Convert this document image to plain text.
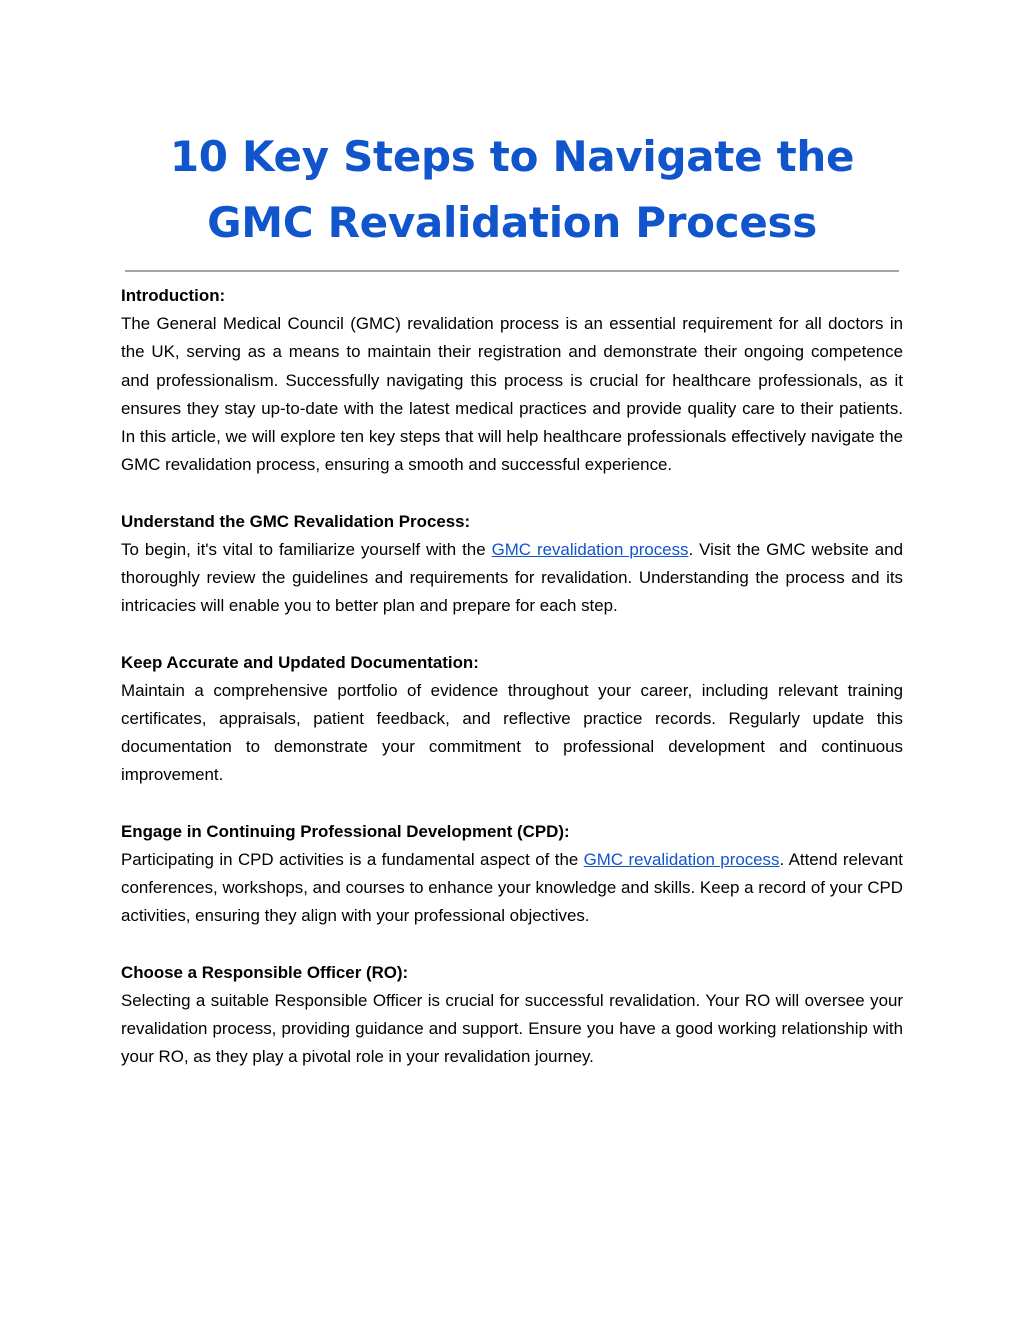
10 Key Steps to Navigate the GMC Revalidation Process

Introduction:

The General Medical Council (GMC) revalidation process is an essential requirement for all doctors in the UK, serving as a means to maintain their registration and demonstrate their ongoing competence and professionalism. Successfully navigating this process is crucial for healthcare professionals, as it ensures they stay up-to-date with the latest medical practices and provide quality care to their patients. In this article, we will explore ten key steps that will help healthcare professionals effectively navigate the GMC revalidation process, ensuring a smooth and successful experience.

Understand the GMC Revalidation Process:

To begin, it's vital to familiarize yourself with the GMC revalidation process. Visit the GMC website and thoroughly review the guidelines and requirements for revalidation. Understanding the process and its intricacies will enable you to better plan and prepare for each step.

Keep Accurate and Updated Documentation:

Maintain a comprehensive portfolio of evidence throughout your career, including relevant training certificates, appraisals, patient feedback, and reflective practice records. Regularly update this documentation to demonstrate your commitment to professional development and continuous improvement.

Engage in Continuing Professional Development (CPD):

Participating in CPD activities is a fundamental aspect of the GMC revalidation process. Attend relevant conferences, workshops, and courses to enhance your knowledge and skills. Keep a record of your CPD activities, ensuring they align with your professional objectives.

Choose a Responsible Officer (RO):

Selecting a suitable Responsible Officer is crucial for successful revalidation. Your RO will oversee your revalidation process, providing guidance and support. Ensure you have a good working relationship with your RO, as they play a pivotal role in your revalidation journey.
